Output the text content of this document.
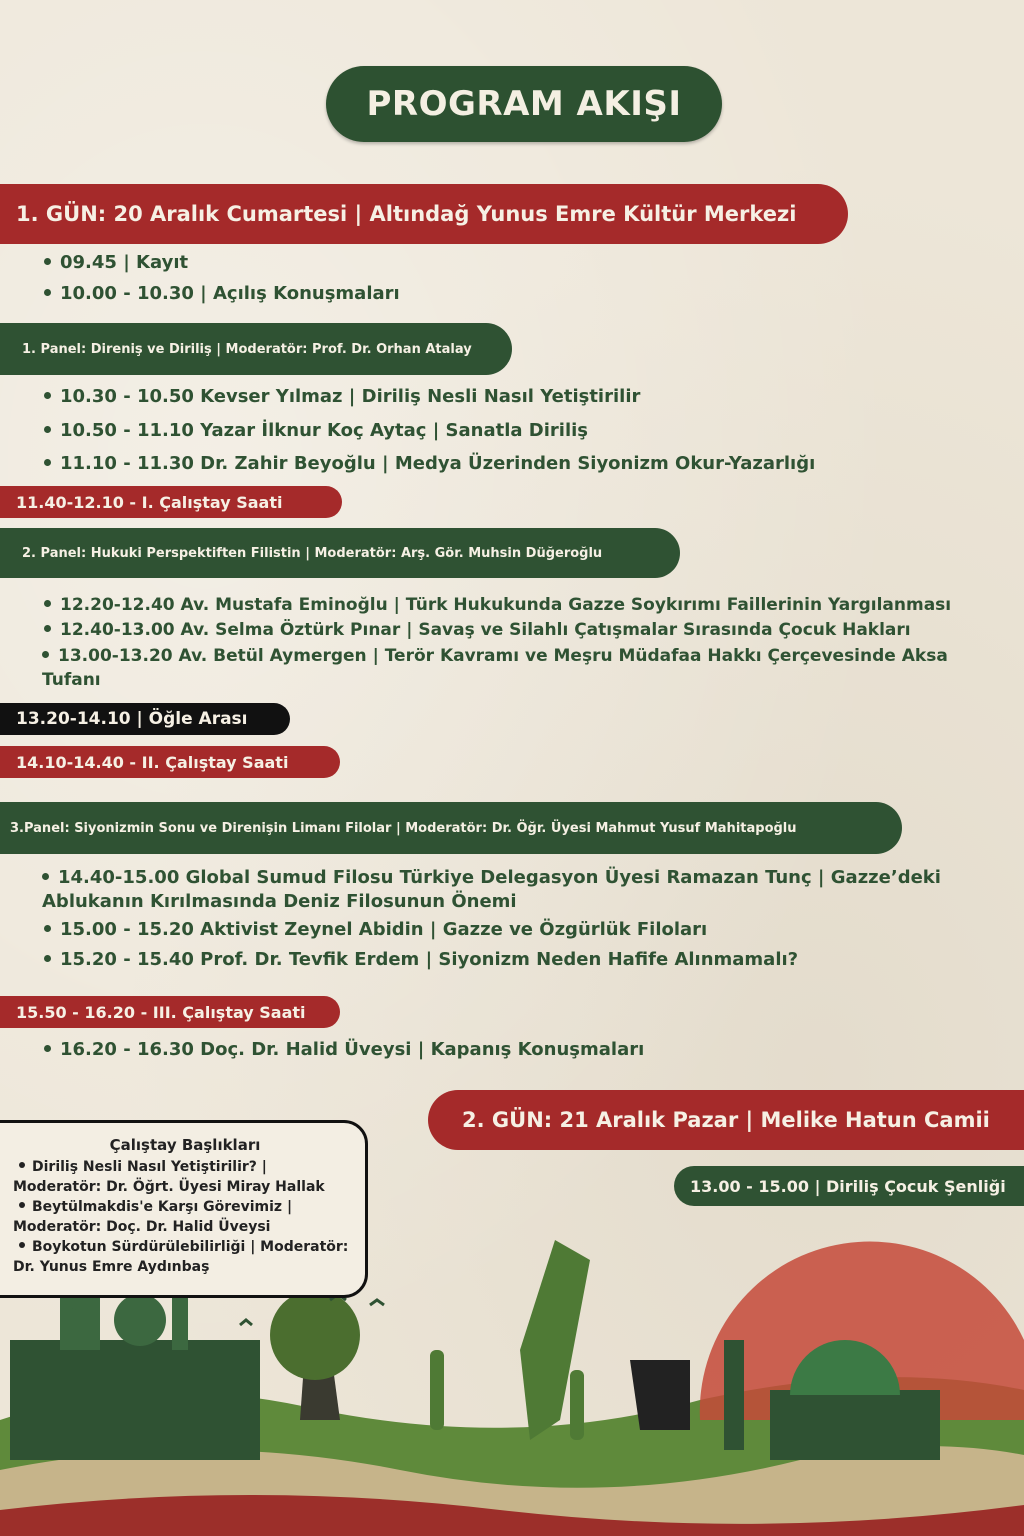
PROGRAM AKIŞI
1. GÜN: 20 Aralık Cumartesi | Altındağ Yunus Emre Kültür Merkezi
09.45 | Kayıt
10.00 - 10.30 | Açılış Konuşmaları
1. Panel: Direniş ve Diriliş | Moderatör: Prof. Dr. Orhan Atalay
10.30 - 10.50 Kevser Yılmaz | Diriliş Nesli Nasıl Yetiştirilir
10.50 - 11.10 Yazar İlknur Koç Aytaç | Sanatla Diriliş
11.10 - 11.30 Dr. Zahir Beyoğlu | Medya Üzerinden Siyonizm Okur-Yazarlığı
11.40-12.10 - I. Çalıştay Saati
2. Panel: Hukuki Perspektiften Filistin | Moderatör: Arş. Gör. Muhsin Düğeroğlu
12.20-12.40 Av. Mustafa Eminoğlu | Türk Hukukunda Gazze Soykırımı Faillerinin Yargılanması
12.40-13.00 Av. Selma Öztürk Pınar | Savaş ve Silahlı Çatışmalar Sırasında Çocuk Hakları
13.00-13.20 Av. Betül Aymergen | Terör Kavramı ve Meşru Müdafaa Hakkı Çerçevesinde Aksa Tufanı
13.20-14.10 | Öğle Arası
14.10-14.40 - II. Çalıştay Saati
3.Panel: Siyonizmin Sonu ve Direnişin Limanı Filolar | Moderatör: Dr. Öğr. Üyesi Mahmut Yusuf Mahitapoğlu
14.40-15.00 Global Sumud Filosu Türkiye Delegasyon Üyesi Ramazan Tunç | Gazze’deki Ablukanın Kırılmasında Deniz Filosunun Önemi
15.00 - 15.20 Aktivist Zeynel Abidin | Gazze ve Özgürlük Filoları
15.20 - 15.40 Prof. Dr. Tevfik Erdem | Siyonizm Neden Hafife Alınmamalı?
15.50 - 16.20 - III. Çalıştay Saati
16.20 - 16.30 Doç. Dr. Halid Üveysi | Kapanış Konuşmaları
2. GÜN: 21 Aralık Pazar | Melike Hatun Camii
13.00 - 15.00 | Diriliş Çocuk Şenliği
Çalıştay Başlıkları
Diriliş Nesli Nasıl Yetiştirilir? | Moderatör: Dr. Öğrt. Üyesi Miray Hallak
Beytülmakdis'e Karşı Görevimiz | Moderatör: Doç. Dr. Halid Üveysi
Boykotun Sürdürülebilirliği | Moderatör: Dr. Yunus Emre Aydınbaş
